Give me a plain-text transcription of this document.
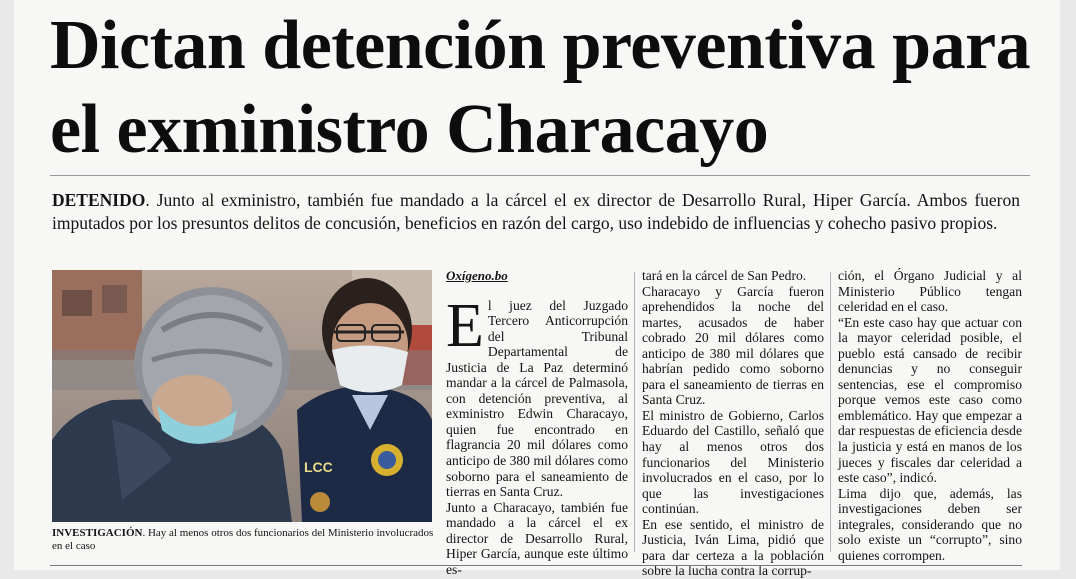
Dictan detención preventiva para el exministro Characayo

DETENIDO. Junto al exministro, también fue mandado a la cárcel el ex director de Desarrollo Rural, Hiper García. Ambos fueron imputados por los presuntos delitos de concusión, beneficios en razón del cargo, uso indebido de influencias y cohecho pasivo propios.

LCC

INVESTIGACIÓN. Hay al menos otros dos funcionarios del Ministerio involucrados en el caso

Oxígeno.bo

El juez del Juzgado Tercero Anticorrupción del Tribunal Departamental de Justicia de La Paz determinó mandar a la cárcel de Palmasola, con detención preventiva, al exministro Edwin Characayo, quien fue encontrado en flagrancia 20 mil dólares como anticipo de 380 mil dólares como soborno para el saneamiento de tierras en Santa Cruz.

Junto a Characayo, también fue mandado a la cárcel el ex director de Desarrollo Rural, Hiper García, aunque este último es-

tará en la cárcel de San Pedro.

Characayo y García fueron aprehendidos la noche del martes, acusados de haber cobrado 20 mil dólares como anticipo de 380 mil dólares que habrían pedido como soborno para el saneamiento de tierras en Santa Cruz.

El ministro de Gobierno, Carlos Eduardo del Castillo, señaló que hay al menos otros dos funcionarios del Ministerio involucrados en el caso, por lo que las investigaciones continúan.

En ese sentido, el ministro de Justicia, Iván Lima, pidió que para dar certeza a la población sobre la lucha contra la corrup-

ción, el Órgano Judicial y al Ministerio Público tengan celeridad en el caso.

“En este caso hay que actuar con la mayor celeridad posible, el pueblo está cansado de recibir denuncias y no conseguir sentencias, ese el compromiso porque vemos este caso como emblemático. Hay que empezar a dar respuestas de eficiencia desde la justicia y está en manos de los jueces y fiscales dar celeridad a este caso”, indicó.

Lima dijo que, además, las investigaciones deben ser integrales, considerando que no solo existe un “corrupto”, sino quienes corrompen.
